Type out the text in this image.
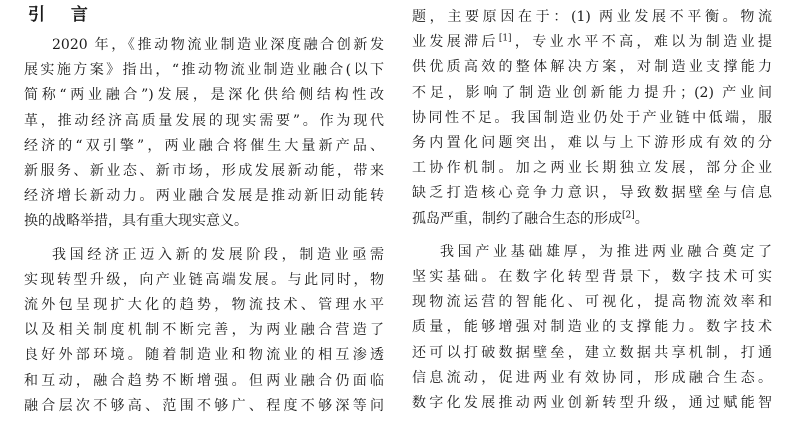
引 言
2020 年，《推动物流业制造业深度融合创新发
展实施方案》指出，“推动物流业制造业融合(以下
简称“两业融合”)发展，是深化供给侧结构性改
革，推动经济高质量发展的现实需要”。作为现代
经济的“双引擎”，两业融合将催生大量新产品、
新服务、新业态、新市场，形成发展新动能，带来
经济增长新动力。两业融合发展是推动新旧动能转
换的战略举措，具有重大现实意义。
我国经济正迈入新的发展阶段，制造业亟需
实现转型升级，向产业链高端发展。与此同时，物
流外包呈现扩大化的趋势，物流技术、管理水平
以及相关制度机制不断完善，为两业融合营造了
良好外部环境。随着制造业和物流业的相互渗透
和互动，融合趋势不断增强。但两业融合仍面临
融合层次不够高、范围不够广、程度不够深等问
题，主要原因在于：(1) 两业发展不平衡。物流
业发展滞后[1]，专业水平不高，难以为制造业提
供优质高效的整体解决方案，对制造业支撑能力
不足，影响了制造业创新能力提升；(2) 产业间
协同性不足。我国制造业仍处于产业链中低端，服
务内置化问题突出，难以与上下游形成有效的分
工协作机制。加之两业长期独立发展，部分企业
缺乏打造核心竞争力意识，导致数据壁垒与信息
孤岛严重，制约了融合生态的形成[2]。
我国产业基础雄厚，为推进两业融合奠定了
坚实基础。在数字化转型背景下，数字技术可实
现物流运营的智能化、可视化，提高物流效率和
质量，能够增强对制造业的支撑能力。数字技术
还可以打破数据壁垒，建立数据共享机制，打通
信息流动，促进两业有效协同，形成融合生态。
数字化发展推动两业创新转型升级，通过赋能智
